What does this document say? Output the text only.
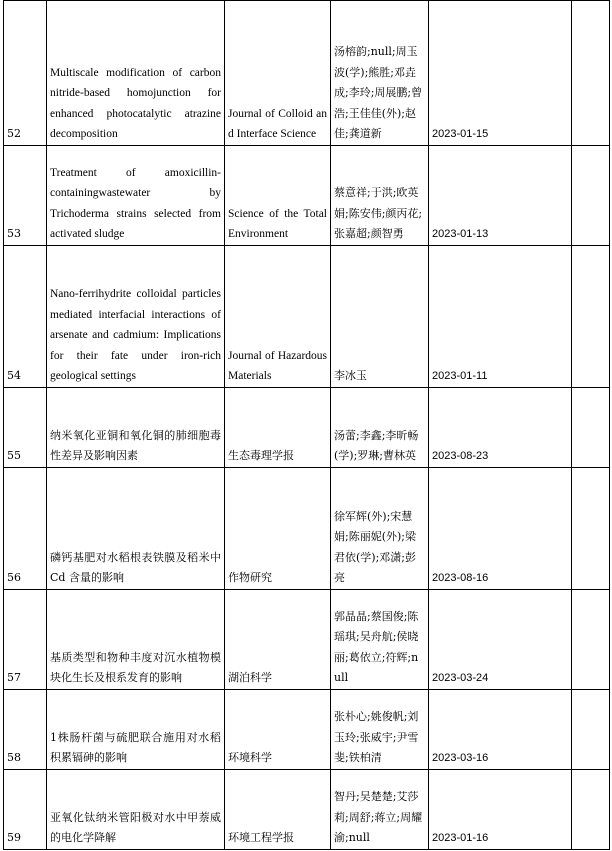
52	Multiscale modification of carbon nitride-based homojunction for enhanced photocatalytic atrazine decomposition	Journal of Colloid and Interface Science	汤榕韵;null;周玉波(学);熊胜;邓垚成;李玲;周展鹏;曾浩;王佳佳(外);赵佳;龚道新	2023-01-15	
53	Treatment of amoxicillin-containingwastewater by Trichoderma strains selected from activated sludge	Science of the Total Environment	蔡意祥;于洪;欧英娟;陈安伟;颜丙花;张嘉超;颜智勇	2023-01-13	
54	Nano-ferrihydrite colloidal particles mediated interfacial interactions of arsenate and cadmium: Implications for their fate under iron-rich geological settings	Journal of Hazardous Materials	李冰玉	2023-01-11	
55	纳米氧化亚铜和氧化铜的肺细胞毒性差异及影响因素	生态毒理学报	汤蕾;李鑫;李昕畅(学);罗琳;曹林英	2023-08-23	
56	磷钙基肥对水稻根表铁膜及稻米中 Cd 含量的影响	作物研究	徐军辉(外);宋慧娟;陈丽妮(外);梁君依(学);邓潇;彭亮	2023-08-16	
57	基质类型和物种丰度对沉水植物模块化生长及根系发育的影响	湖泊科学	郭晶晶;蔡国俊;陈瑶琪;吴舟航;侯晓丽;葛依立;符辉;null	2023-03-24	
58	1株肠杆菌与硫肥联合施用对水稻积累镉砷的影响	环境科学	张朴心;姚俊帆;刘玉玲;张威宇;尹雪斐;铁柏清	2023-03-16	
59	亚氧化钛纳米管阳极对水中甲萘威的电化学降解	环境工程学报	智丹;吴楚楚;艾莎莉;周舒;蒋立;周耀渝;null	2023-01-16	
